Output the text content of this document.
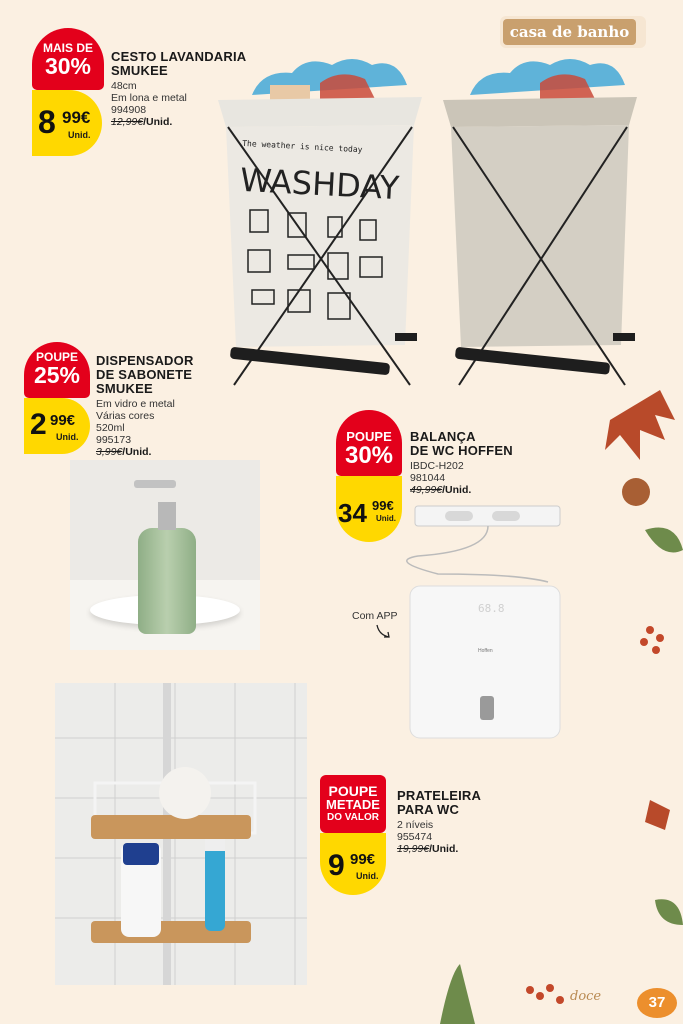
casa de banho
MAIS DE
30%
8 99€
Unid.
CESTO LAVANDARIA
SMUKEE
48cm
Em lona e metal
994908
12,99€/Unid.
The weather is nice today
WASHDAY
POUPE
25%
2 99€
Unid.
DISPENSADOR
DE SABONETE
SMUKEE
Em vidro e metal
Várias cores
520ml
995173
3,99€/Unid.
POUPE
30%
34 99€
Unid.
BALANÇA
DE WC HOFFEN
IBDC-H202
981044
49,99€/Unid.
68.8
Hoffen
Com APP
POUPE
METADE
DO VALOR
9 99€
Unid.
PRATELEIRA
PARA WC
2 níveis
955474
19,99€/Unid.
doce	37
